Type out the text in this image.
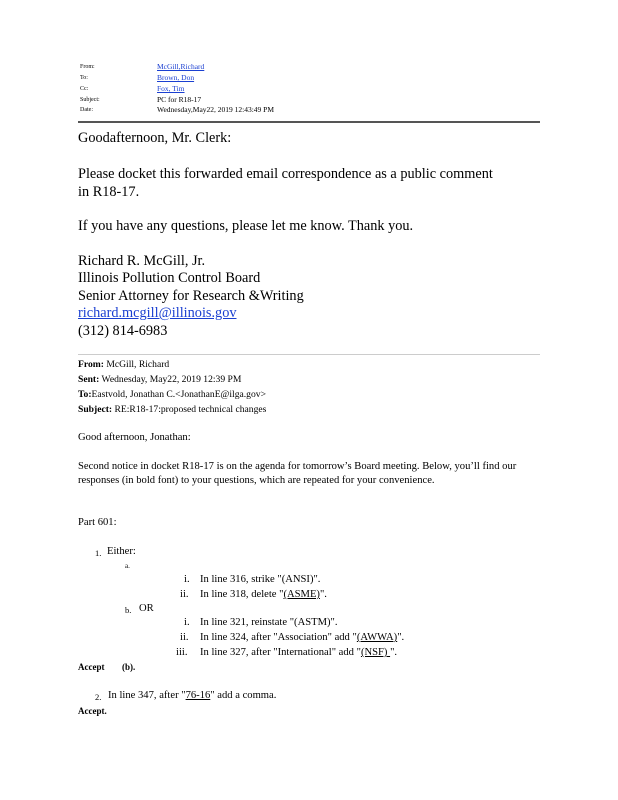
From:	McGill,Richard
To:	Brown, Don
Cc:	Fox, Tim
Subject:	PC for R18-17
Date:	Wednesday,May22, 2019 12:43:49 PM
Goodafternoon, Mr. Clerk:
Please docket this forwarded email correspondence as a public comment
in R18-17.
If you have any questions, please let me know. Thank you.
Richard R. McGill, Jr.
Illinois Pollution Control Board
Senior Attorney for Research &Writing
richard.mcgill@illinois.gov
(312) 814-6983
From: McGill, Richard
Sent: Wednesday, May22, 2019 12:39 PM
To:Eastvold, Jonathan C.<JonathanE@ilga.gov>
Subject: RE:R18-17:proposed technical changes
Good afternoon, Jonathan:
Second notice in docket R18-17 is on the agenda for tomorrow’s Board meeting. Below, you’ll find our responses (in bold font) to your questions, which are repeated for your convenience.
Part 601:
1. Either:
a.
i. In line 316, strike "(ANSI)".
ii. In line 318, delete "(ASME)".
b. OR
i. In line 321, reinstate "(ASTM)".
ii. In line 324, after "Association" add "(AWWA)".
iii. In line 327, after "International" add "(NSF) ".
Accept (b).
2. In line 347, after "76-16" add a comma.
Accept.
